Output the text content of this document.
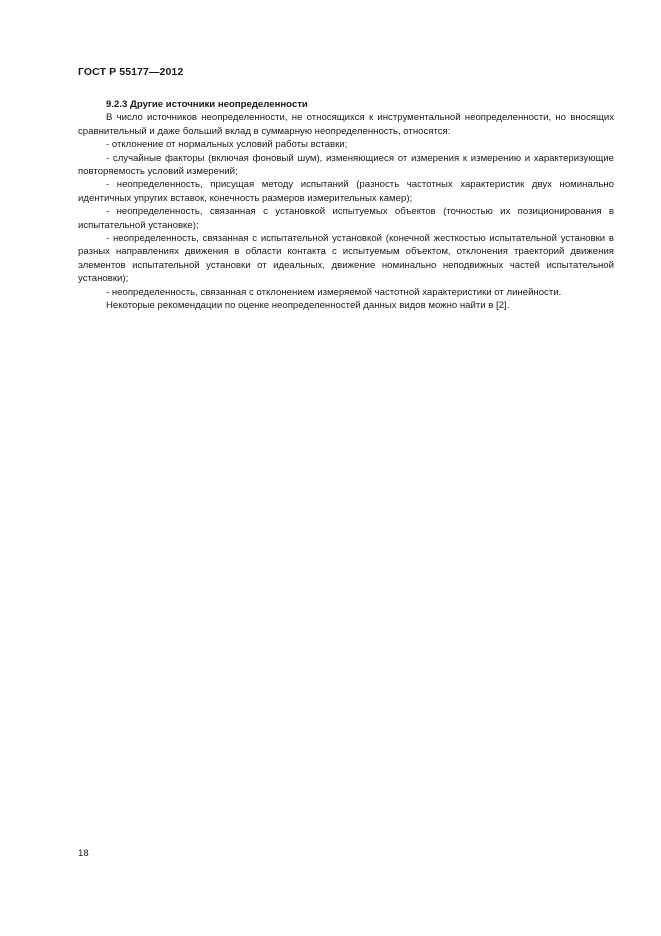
ГОСТ Р 55177—2012

9.2.3 Другие источники неопределенности

В число источников неопределенности, не относящихся к инструментальной неопределенности, но вносящих сравнительный и даже больший вклад в суммарную неопределенность, относятся:

- отклонение от нормальных условий работы вставки;

- случайные факторы (включая фоновый шум), изменяющиеся от измерения к измерению и характеризующие повторяемость условий измерений;

- неопределенность, присущая методу испытаний (разность частотных характеристик двух номинально идентичных упругих вставок, конечность размеров измерительных камер);

- неопределенность, связанная с установкой испытуемых объектов (точностью их позиционирования в испытательной установке);

- неопределенность, связанная с испытательной установкой (конечной жесткостью испытательной установки в разных направлениях движения в области контакта с испытуемым объектом, отклонения траекторий движения элементов испытательной установки от идеальных, движение номинально неподвижных частей испытательной установки);

- неопределенность, связанная с отклонением измеряемой частотной характеристики от линейности.

Некоторые рекомендации по оценке неопределенностей данных видов можно найти в [2].

18
